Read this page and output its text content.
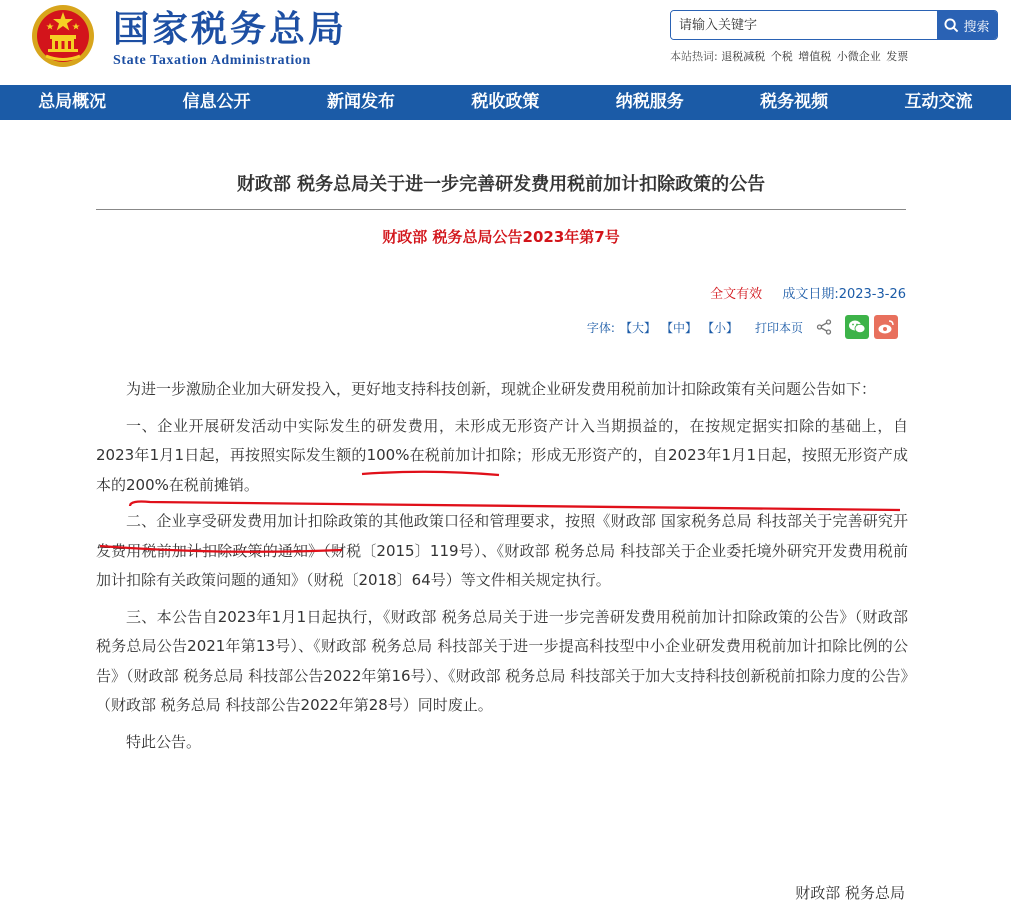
国家税务总局
State Taxation Administration
请输入关键字
搜索
本站热词: 退税减税 个税 增值税 小微企业 发票
总局概况	信息公开	新闻发布	税收政策	纳税服务	税务视频	互动交流
财政部 税务总局关于进一步完善研发费用税前加计扣除政策的公告
财政部 税务总局公告2023年第7号
全文有效 成文日期:2023-3-26
字体: 【大】 【中】 【小】 打印本页

为进一步激励企业加大研发投入，更好地支持科技创新，现就企业研发费用税前加计扣除政策有关问题公告如下：

一、企业开展研发活动中实际发生的研发费用，未形成无形资产计入当期损益的，在按规定据实扣除的基础上，自2023年1月1日起，再按照实际发生额的100%在税前加计扣除；形成无形资产的，自2023年1月1日起，按照无形资产成本的200%在税前摊销。

二、企业享受研发费用加计扣除政策的其他政策口径和管理要求，按照《财政部 国家税务总局 科技部关于完善研究开发费用税前加计扣除政策的通知》（财税〔2015〕119号）、《财政部 税务总局 科技部关于企业委托境外研究开发费用税前加计扣除有关政策问题的通知》（财税〔2018〕64号）等文件相关规定执行。

三、本公告自2023年1月1日起执行，《财政部 税务总局关于进一步完善研发费用税前加计扣除政策的公告》（财政部 税务总局公告2021年第13号）、《财政部 税务总局 科技部关于进一步提高科技型中小企业研发费用税前加计扣除比例的公告》（财政部 税务总局 科技部公告2022年第16号）、《财政部 税务总局 科技部关于加大支持科技创新税前扣除力度的公告》（财政部 税务总局 科技部公告2022年第28号）同时废止。

特此公告。

财政部 税务总局
